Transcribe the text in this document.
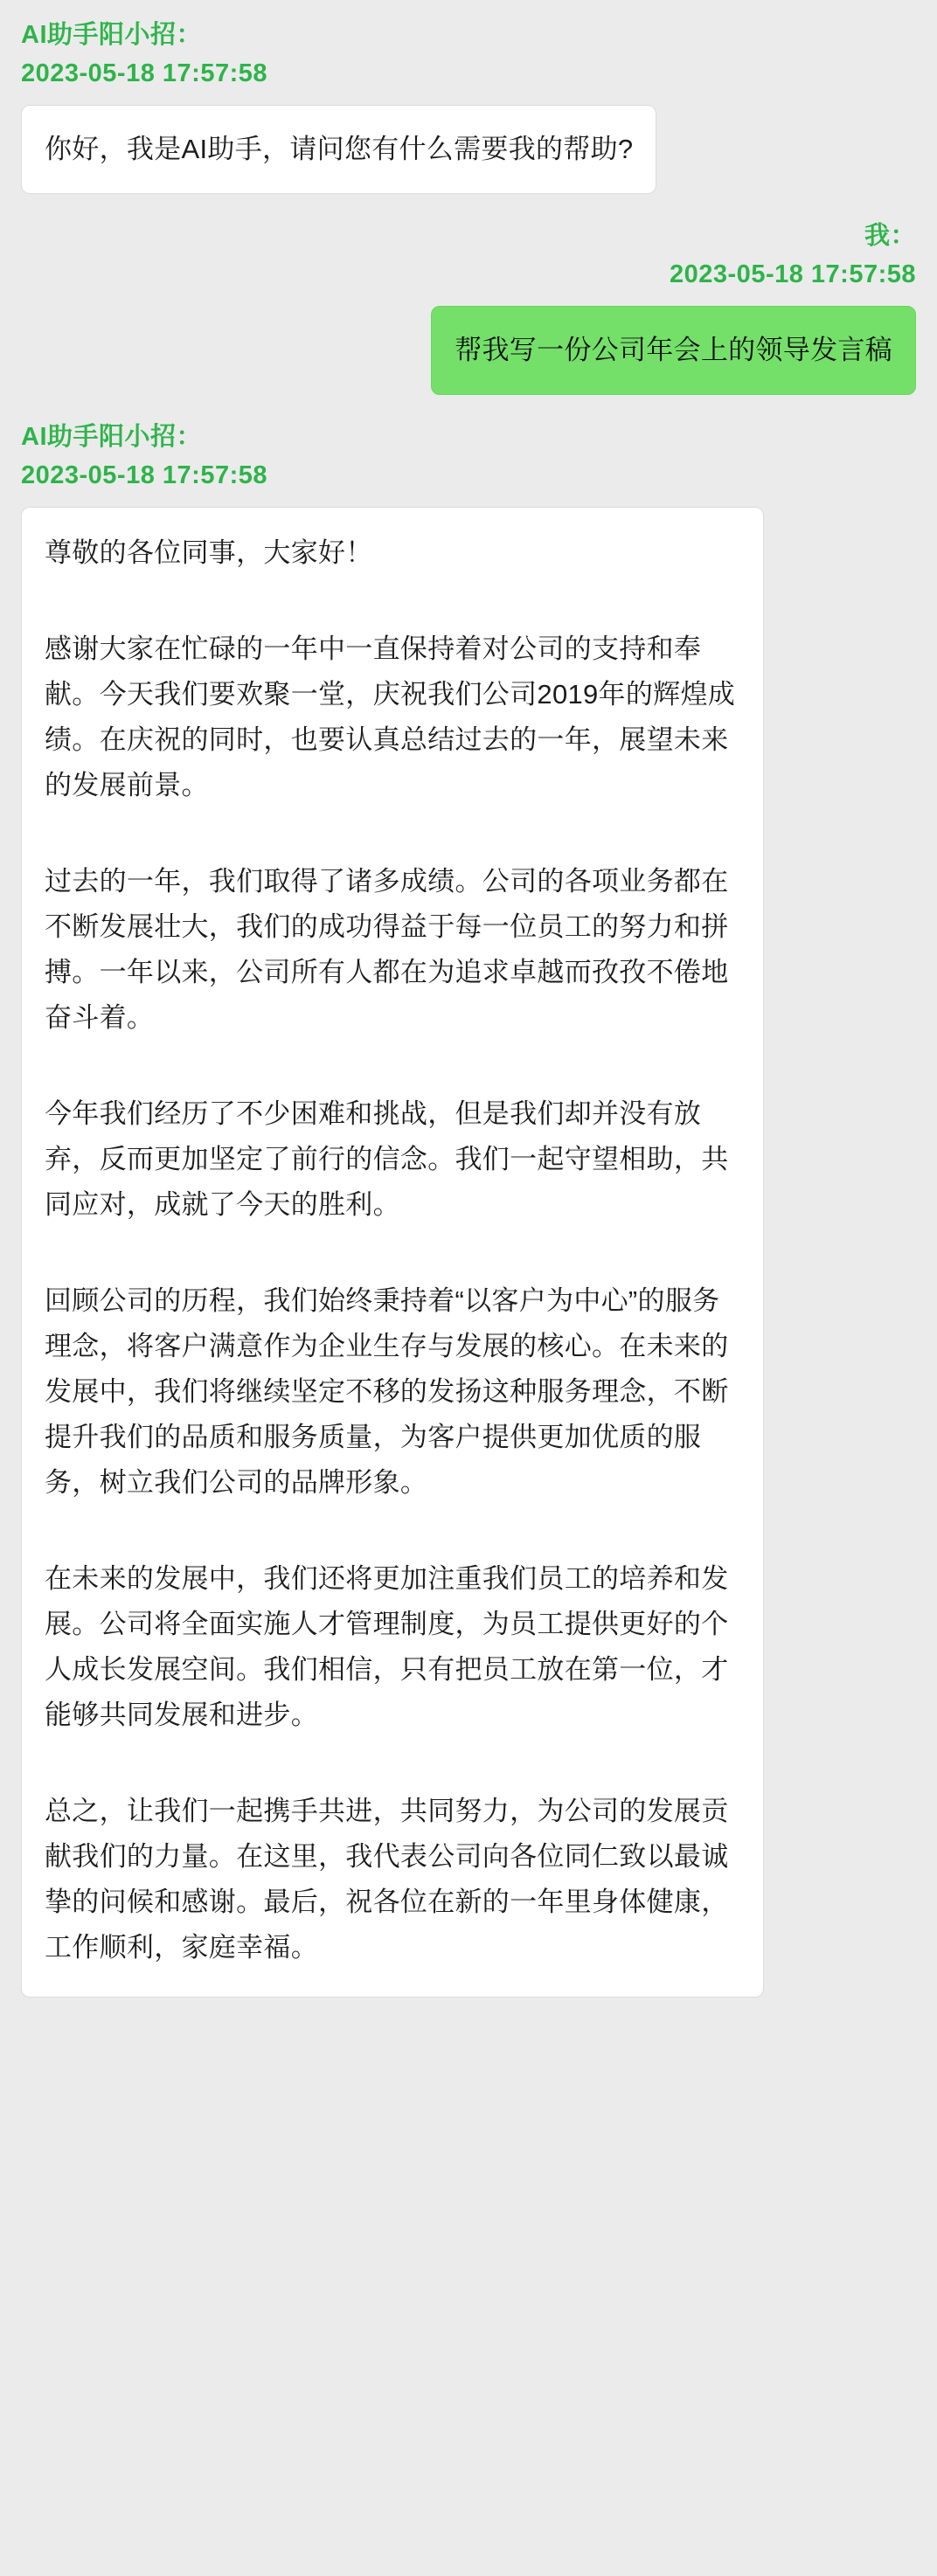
AI助手阳小招：
2023-05-18 17:57:58

你好，我是AI助手，请问您有什么需要我的帮助?

我：
2023-05-18 17:57:58

帮我写一份公司年会上的领导发言稿

AI助手阳小招：
2023-05-18 17:57:58

尊敬的各位同事，大家好！

感谢大家在忙碌的一年中一直保持着对公司的支持和奉献。今天我们要欢聚一堂，庆祝我们公司2019年的辉煌成绩。在庆祝的同时，也要认真总结过去的一年，展望未来的发展前景。

过去的一年，我们取得了诸多成绩。公司的各项业务都在不断发展壮大，我们的成功得益于每一位员工的努力和拼搏。一年以来，公司所有人都在为追求卓越而孜孜不倦地奋斗着。

今年我们经历了不少困难和挑战，但是我们却并没有放弃，反而更加坚定了前行的信念。我们一起守望相助，共同应对，成就了今天的胜利。

回顾公司的历程，我们始终秉持着“以客户为中心”的服务理念，将客户满意作为企业生存与发展的核心。在未来的发展中，我们将继续坚定不移的发扬这种服务理念，不断提升我们的品质和服务质量，为客户提供更加优质的服务，树立我们公司的品牌形象。

在未来的发展中，我们还将更加注重我们员工的培养和发展。公司将全面实施人才管理制度，为员工提供更好的个人成长发展空间。我们相信，只有把员工放在第一位，才能够共同发展和进步。

总之，让我们一起携手共进，共同努力，为公司的发展贡献我们的力量。在这里，我代表公司向各位同仁致以最诚挚的问候和感谢。最后，祝各位在新的一年里身体健康，工作顺利，家庭幸福。
